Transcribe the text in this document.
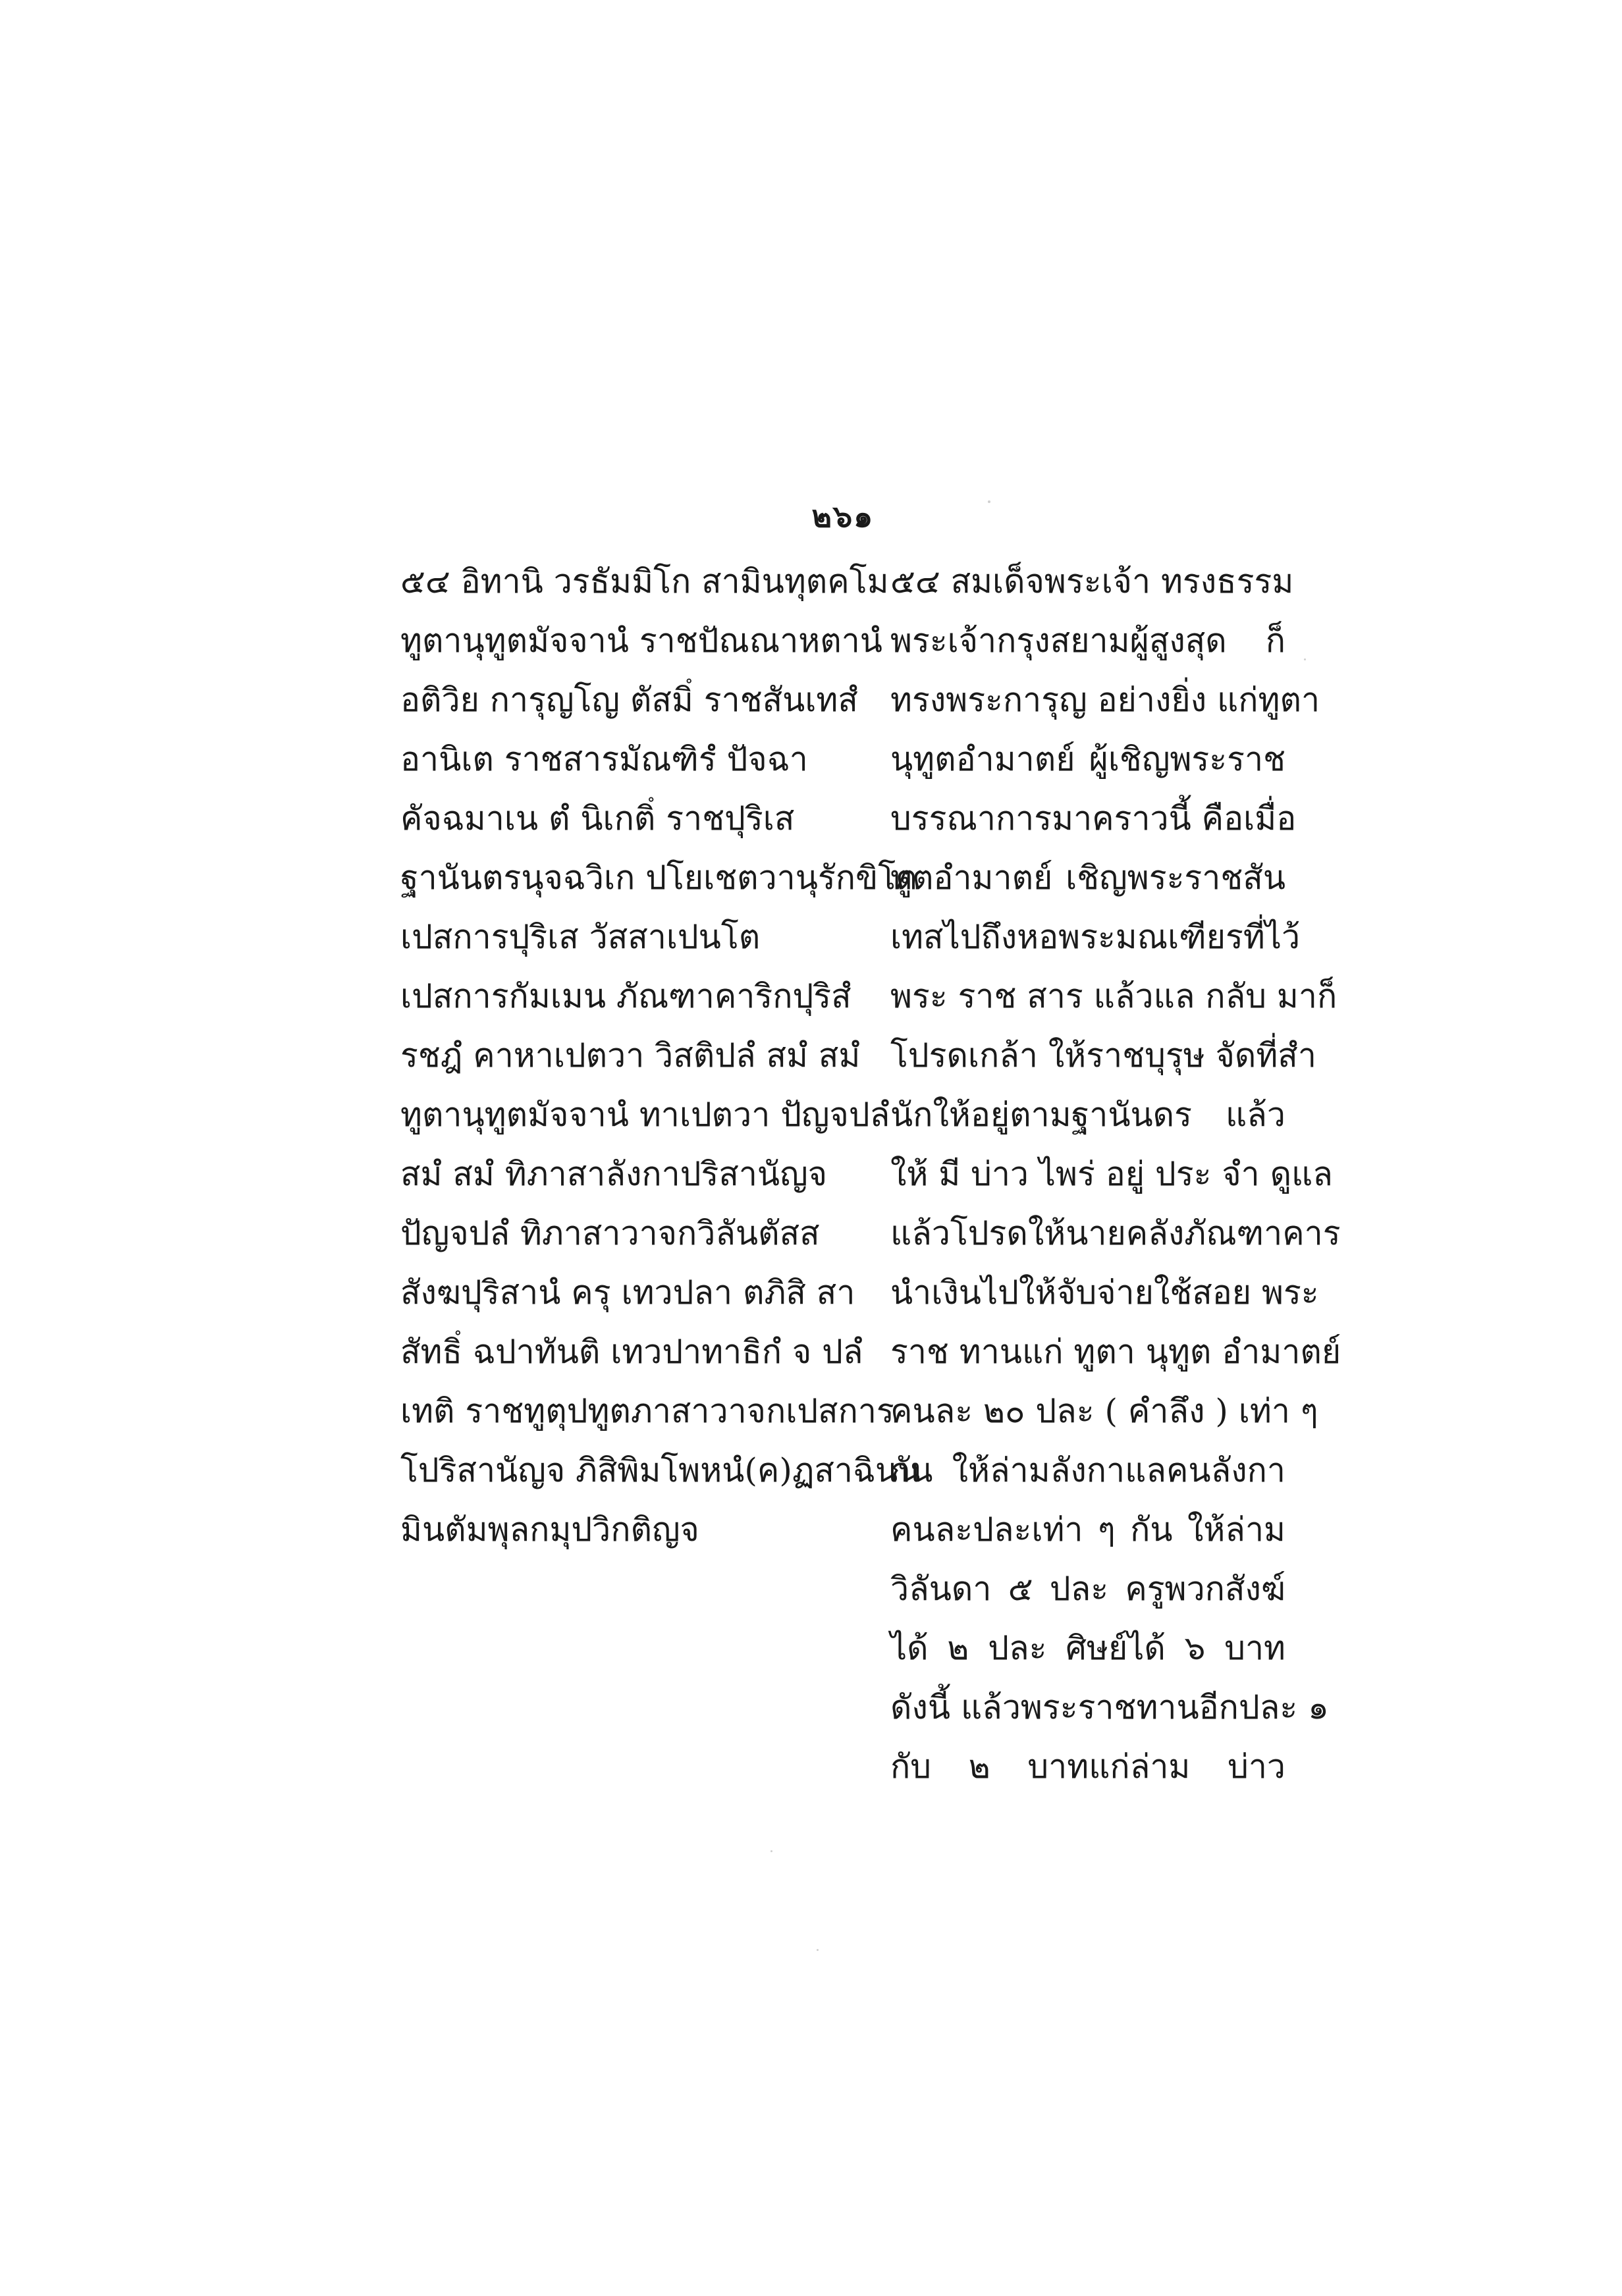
๒๖๑
๕๔ อิทานิ วรธัมมิโก สามินทุตคโม
ทูตานุทูตมัจจานํ ราชปัณณาหตานํ
อติวิย การุญโญ ตัสมิํ ราชสันเทสํ
อานิเต ราชสารมัณฑิรํ ปัจฉา
คัจฉมาเน ตํ นิเกติํ ราชปุริเส
ฐานันตรนุจฉวิเก ปโยเชตวานุรักขิโต
เปสการปุริเส วัสสาเปนโต
เปสการกัมเมน ภัณฑาคาริกปุริสํ
รชฎํ คาหาเปตวา วิสติปลํ สมํ สมํ
ทูตานุทูตมัจจานํ ทาเปตวา ปัญจปลํ
สมํ สมํ ทิภาสาลังกาปริสานัญจ
ปัญจปลํ ทิภาสาวาจกวิลันตัสส
สังฆปุริสานํ ครุ เทวปลา ตภิสิ สา
สัทธิํ ฉปาทันติ เทวปาทาธิกํ จ ปลํ
เทติ ราชทูตุปทูตภาสาวาจกเปสการ
โปริสานัญจ ภิสิพิมโพหนํ(ค)ฏสาฉินน
มินตัมพุลกมุปวิกติญจ
๕๔ สมเด็จพระเจ้า ทรงธรรม
พระเจ้ากรุงสยามผู้สูงสุด ก็
ทรงพระการุญ อย่างยิ่ง แก่ทูตา
นุทูตอำมาตย์ ผู้เชิญพระราช
บรรณาการมาคราวนี้ คือเมื่อ
ทูตอำมาตย์ เชิญพระราชสัน
เทสไปถึงหอพระมณเฑียรที่ไว้
พระ ราช สาร แล้วแล กลับ มาก็
โปรดเกล้า ให้ราชบุรุษ จัดที่สำ
นักให้อยู่ตามฐานันดร แล้ว
ให้ มี บ่าว ไพร่ อยู่ ประ จำ ดูแล
แล้วโปรดให้นายคลังภัณฑาคาร
นำเงินไปให้จับจ่ายใช้สอย พระ
ราช ทานแก่ ทูตา นุทูต อำมาตย์
คนละ ๒๐ ปละ ( คำลึง ) เท่า ๆ
กัน ให้ล่ามลังกาแลคนลังกา
คนละปละเท่า ๆ กัน ให้ล่าม
วิลันดา ๕ ปละ ครูพวกสังฆ์
ได้ ๒ ปละ ศิษย์ได้ ๖ บาท
ดังนี้ แล้วพระราชทานอีกปละ ๑
กับ ๒ บาทแก่ล่าม บ่าว
